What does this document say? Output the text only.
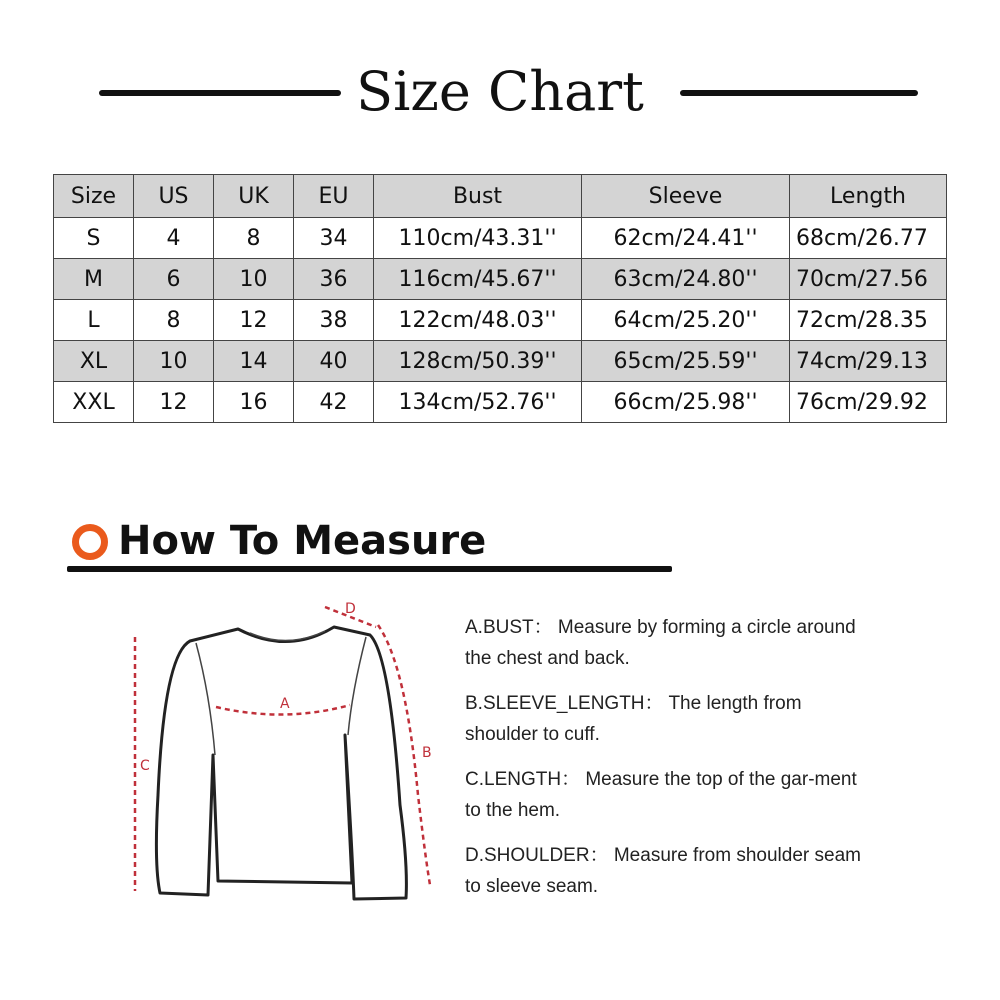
Size Chart
Size	US	UK	EU	Bust	Sleeve	Length
S	4	8	34	110cm/43.31''	62cm/24.41''	68cm/26.77
M	6	10	36	116cm/45.67''	63cm/24.80''	70cm/27.56
L	8	12	38	122cm/48.03''	64cm/25.20''	72cm/28.35
XL	10	14	40	128cm/50.39''	65cm/25.59''	74cm/29.13
XXL	12	16	42	134cm/52.76''	66cm/25.98''	76cm/29.92
How To Measure
A
C
D
B

A.BUST： Measure by forming a circle around the chest and back.

B.SLEEVE_LENGTH： The length from shoulder to cuff.

C.LENGTH： Measure the top of the gar-ment to the hem.

D.SHOULDER： Measure from shoulder seam to sleeve seam.
